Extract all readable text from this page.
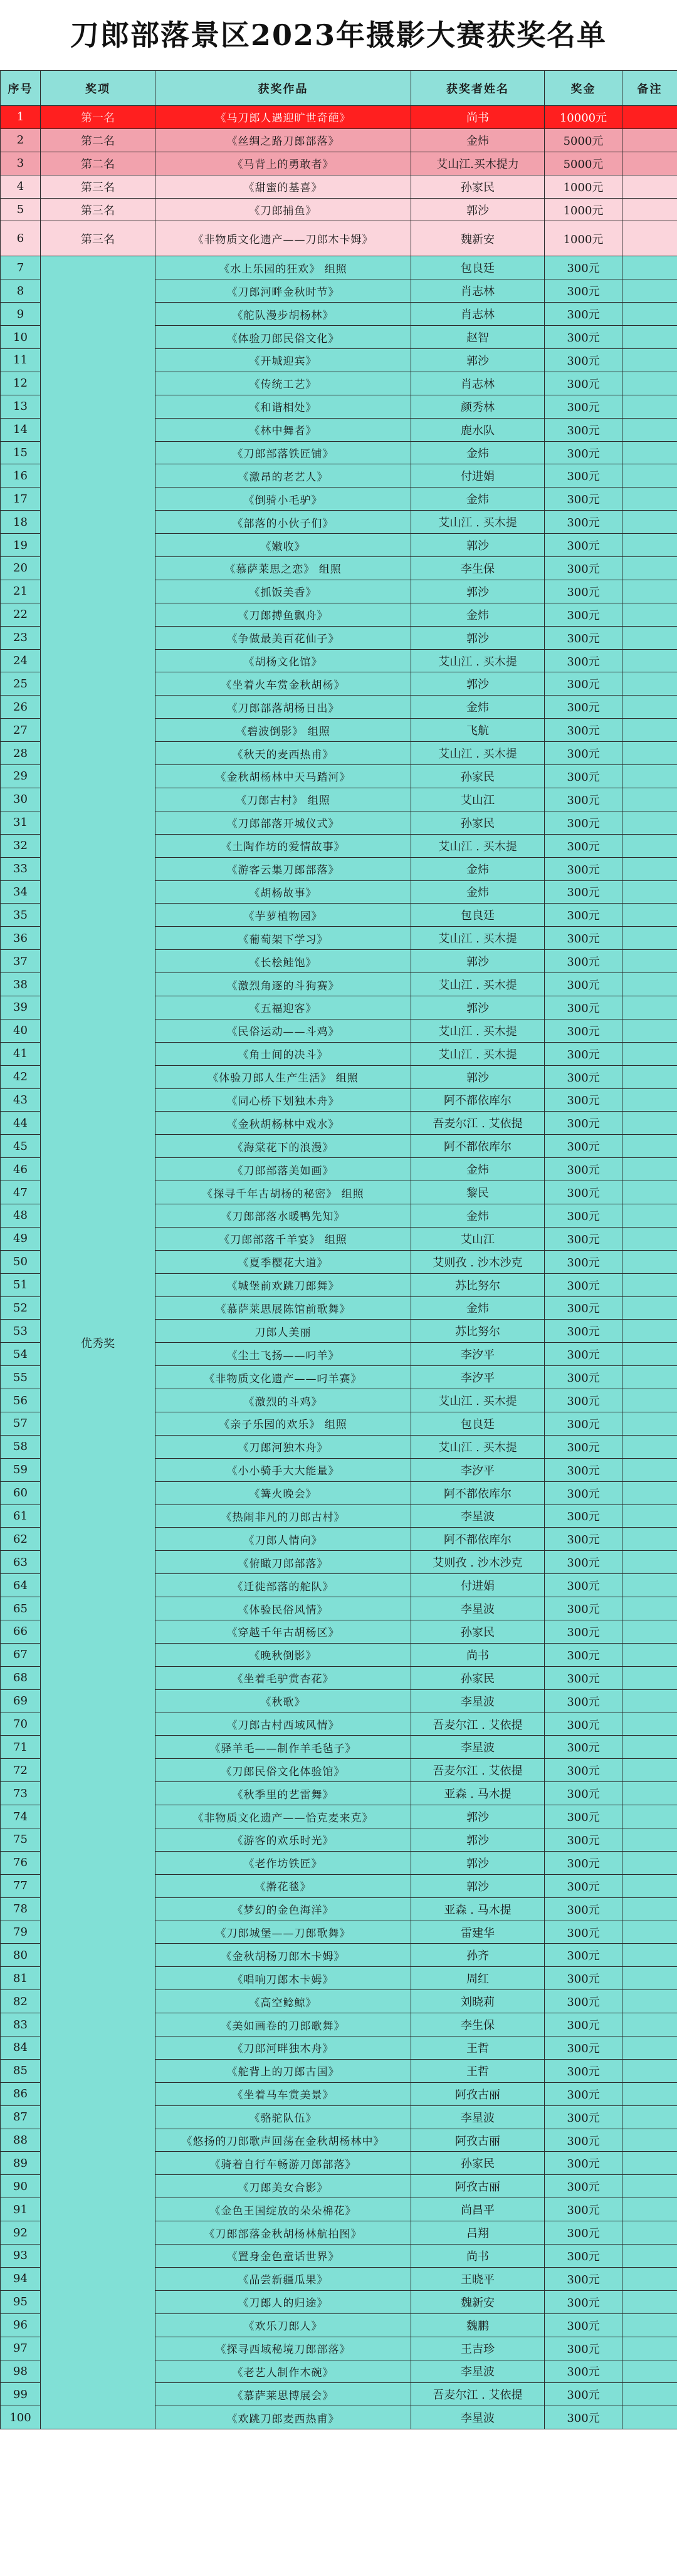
刀郎部落景区2023年摄影大赛获奖名单
序号	奖项	获奖作品	获奖者姓名	奖金	备注
1	第一名	《马刀郎人遇迎旷世奇葩》	尚书	10000元	
2	第二名	《丝绸之路刀郎部落》	金炜	5000元	
3	第二名	《马背上的勇敢者》	艾山江.买木提力	5000元	
4	第三名	《甜蜜的基喜》	孙家民	1000元	
5	第三名	《刀郎捕鱼》	郭沙	1000元	
6	第三名	《非物质文化遗产——刀郎木卡姆》	魏新安	1000元	
7	优秀奖	《水上乐园的狂欢》 组照	包良廷	300元	
8		《刀郎河畔金秋时节》	肖志林	300元	
9		《舵队漫步胡杨林》	肖志林	300元	
10		《体验刀郎民俗文化》	赵智	300元	
11		《开城迎宾》	郭沙	300元	
12		《传统工艺》	肖志林	300元	
13		《和谐相处》	颜秀林	300元	
14		《林中舞者》	鹿水队	300元	
15		《刀郎部落铁匠铺》	金炜	300元	
16		《激昂的老艺人》	付进娟	300元	
17		《倒骑小毛驴》	金炜	300元	
18		《部落的小伙子们》	艾山江 . 买木提	300元	
19		《嫩收》	郭沙	300元	
20		《慕萨莱思之恋》 组照	李生保	300元	
21		《抓饭美香》	郭沙	300元	
22		《刀郎搏鱼飘舟》	金炜	300元	
23		《争做最美百花仙子》	郭沙	300元	
24		《胡杨文化馆》	艾山江 . 买木提	300元	
25		《坐着火车赏金秋胡杨》	郭沙	300元	
26		《刀郎部落胡杨日出》	金炜	300元	
27		《碧波倒影》 组照	飞航	300元	
28		《秋天的麦西热甫》	艾山江 . 买木提	300元	
29		《金秋胡杨林中天马踏河》	孙家民	300元	
30		《刀郎古村》 组照	艾山江	300元	
31		《刀郎部落开城仪式》	孙家民	300元	
32		《土陶作坊的爱情故事》	艾山江 . 买木提	300元	
33		《游客云集刀郎部落》	金炜	300元	
34		《胡杨故事》	金炜	300元	
35		《芋萝植物园》	包良廷	300元	
36		《葡萄架下学习》	艾山江 . 买木提	300元	
37		《长桧鲑饱》	郭沙	300元	
38		《激烈角逐的斗狗赛》	艾山江 . 买木提	300元	
39		《五福迎客》	郭沙	300元	
40		《民俗运动——斗鸡》	艾山江 . 买木提	300元	
41		《角士间的决斗》	艾山江 . 买木提	300元	
42		《体验刀郎人生产生活》 组照	郭沙	300元	
43		《同心桥下划独木舟》	阿不都依库尔	300元	
44		《金秋胡杨林中戏水》	吾麦尔江 . 艾依提	300元	
45		《海棠花下的浪漫》	阿不都依库尔	300元	
46		《刀郎部落美如画》	金炜	300元	
47		《探寻千年古胡杨的秘密》 组照	黎民	300元	
48		《刀郎部落水暖鸭先知》	金炜	300元	
49		《刀郎部落千羊宴》 组照	艾山江	300元	
50		《夏季樱花大道》	艾则孜 . 沙木沙克	300元	
51		《城堡前欢跳刀郎舞》	苏比努尔	300元	
52		《慕萨莱思展陈馆前歌舞》	金炜	300元	
53		刀郎人美丽	苏比努尔	300元	
54		《尘土飞扬——叼羊》	李汐平	300元	
55		《非物质文化遗产——叼羊赛》	李汐平	300元	
56		《激烈的斗鸡》	艾山江 . 买木提	300元	
57		《亲子乐园的欢乐》 组照	包良廷	300元	
58		《刀郎河独木舟》	艾山江 . 买木提	300元	
59		《小小骑手大大能量》	李汐平	300元	
60		《篝火晚会》	阿不都依库尔	300元	
61		《热闹非凡的刀郎古村》	李星波	300元	
62		《刀郎人情向》	阿不都依库尔	300元	
63		《俯瞰刀郎部落》	艾则孜 . 沙木沙克	300元	
64		《迁徙部落的舵队》	付进娟	300元	
65		《体验民俗风情》	李星波	300元	
66		《穿越千年古胡杨区》	孙家民	300元	
67		《晚秋倒影》	尚书	300元	
68		《坐着毛驴赏杏花》	孙家民	300元	
69		《秋歌》	李星波	300元	
70		《刀郎古村西域风情》	吾麦尔江 . 艾依提	300元	
71		《驿羊毛——制作羊毛毡子》	李星波	300元	
72		《刀郎民俗文化体验馆》	吾麦尔江 . 艾依提	300元	
73		《秋季里的艺雷舞》	亚森 . 马木提	300元	
74		《非物质文化遗产——恰克麦来克》	郭沙	300元	
75		《游客的欢乐时光》	郭沙	300元	
76		《老作坊铁匠》	郭沙	300元	
77		《擀花毯》	郭沙	300元	
78		《梦幻的金色海洋》	亚森 . 马木提	300元	
79		《刀郎城堡——刀郎歌舞》	雷建华	300元	
80		《金秋胡杨刀郎木卡姆》	孙齐	300元	
81		《唱响刀郎木卡姆》	周红	300元	
82		《高空鲶鲸》	刘晓莉	300元	
83		《美如画卷的刀郎歌舞》	李生保	300元	
84		《刀郎河畔独木舟》	王哲	300元	
85		《舵背上的刀郎古国》	王哲	300元	
86		《坐着马车赏美景》	阿孜古丽	300元	
87		《骆驼队伍》	李星波	300元	
88		《悠扬的刀郎歌声回荡在金秋胡杨林中》	阿孜古丽	300元	
89		《骑着自行车畅游刀郎部落》	孙家民	300元	
90		《刀郎美女合影》	阿孜古丽	300元	
91		《金色王国绽放的朵朵棉花》	尚昌平	300元	
92		《刀郎部落金秋胡杨林航拍图》	吕翔	300元	
93		《置身金色童话世界》	尚书	300元	
94		《品尝新疆瓜果》	王晓平	300元	
95		《刀郎人的归途》	魏新安	300元	
96		《欢乐刀郎人》	魏鹏	300元	
97		《探寻西域秘境刀郎部落》	王吉珍	300元	
98		《老艺人制作木碗》	李星波	300元	
99		《慕萨莱思博展会》	吾麦尔江 . 艾依提	300元	
100		《欢跳刀郎麦西热甫》	李星波	300元	
